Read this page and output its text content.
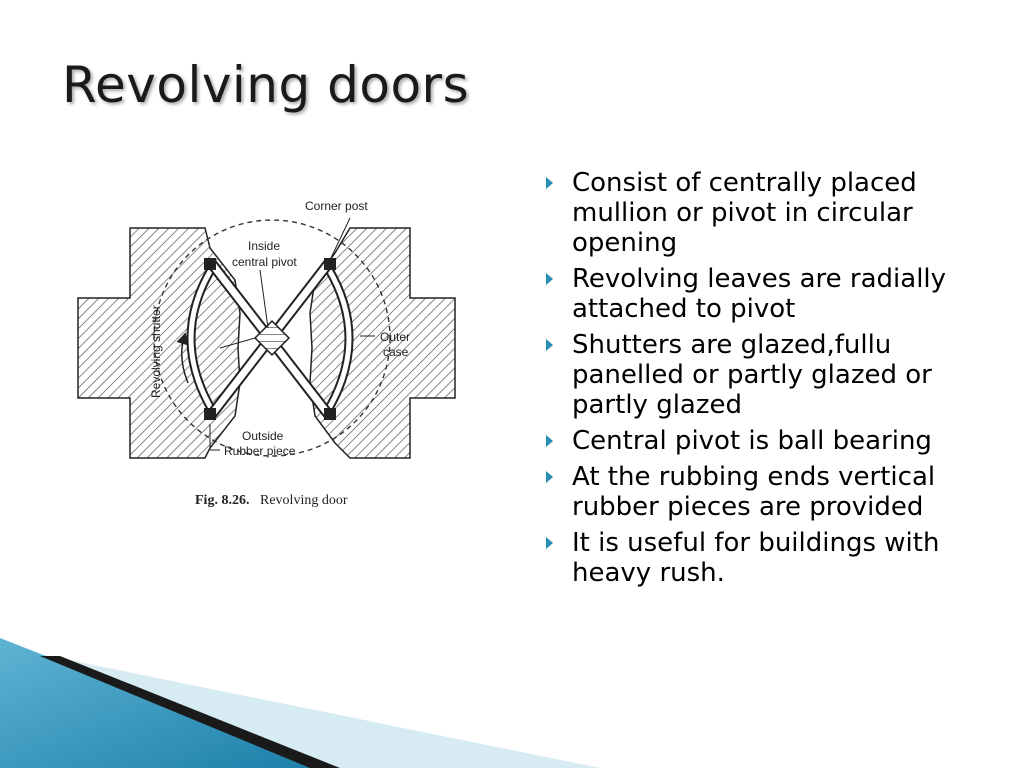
Revolving doors
Corner post
Inside
central pivot
Revolving shutter	Outer
case
Outside
Rubber piece
Fig. 8.26. Revolving door
Consist of centrally placed mullion or pivot in circular opening
Revolving leaves are radially attached to pivot
Shutters are glazed,fullu panelled or partly glazed or partly glazed
Central pivot is ball bearing
At the rubbing ends vertical rubber pieces are provided
It is useful for buildings with heavy rush.
